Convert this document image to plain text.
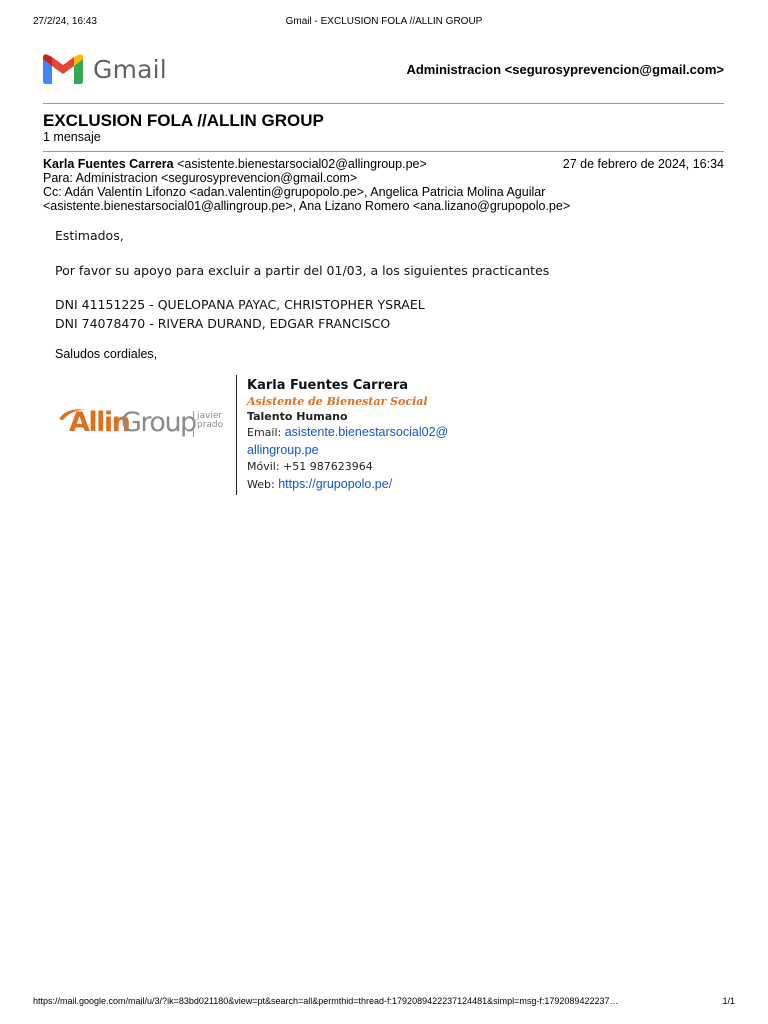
27/2/24, 16:43	Gmail - EXCLUSION FOLA //ALLIN GROUP
Gmail	Administracion <segurosyprevencion@gmail.com>
EXCLUSION FOLA //ALLIN GROUP
1 mensaje
Karla Fuentes Carrera <asistente.bienestarsocial02@allingroup.pe>	27 de febrero de 2024, 16:34
Para: Administracion <segurosyprevencion@gmail.com>
Cc: Adán Valentín Lifonzo <adan.valentin@grupopolo.pe>, Angelica Patricia Molina Aguilar
<asistente.bienestarsocial01@allingroup.pe>, Ana Lizano Romero <ana.lizano@grupopolo.pe>

Estimados,

Por favor su apoyo para excluir a partir del 01/03, a los siguientes practicantes

DNI 41151225 - QUELOPANA PAYAC, CHRISTOPHER YSRAEL

DNI 74078470 - RIVERA DURAND, EDGAR FRANCISCO

Saludos cordiales,
Allin
Group javier
prado
Karla Fuentes Carrera
Asistente de Bienestar Social
Talento Humano
Email: asistente.bienestarsocial02@
allingroup.pe
Móvil: +51 987623964
Web: https://grupopolo.pe/
https://mail.google.com/mail/u/3/?ik=83bd021180&view=pt&search=all&permthid=thread-f:1792089422237124481&simpl=msg-f:1792089422237…	1/1
